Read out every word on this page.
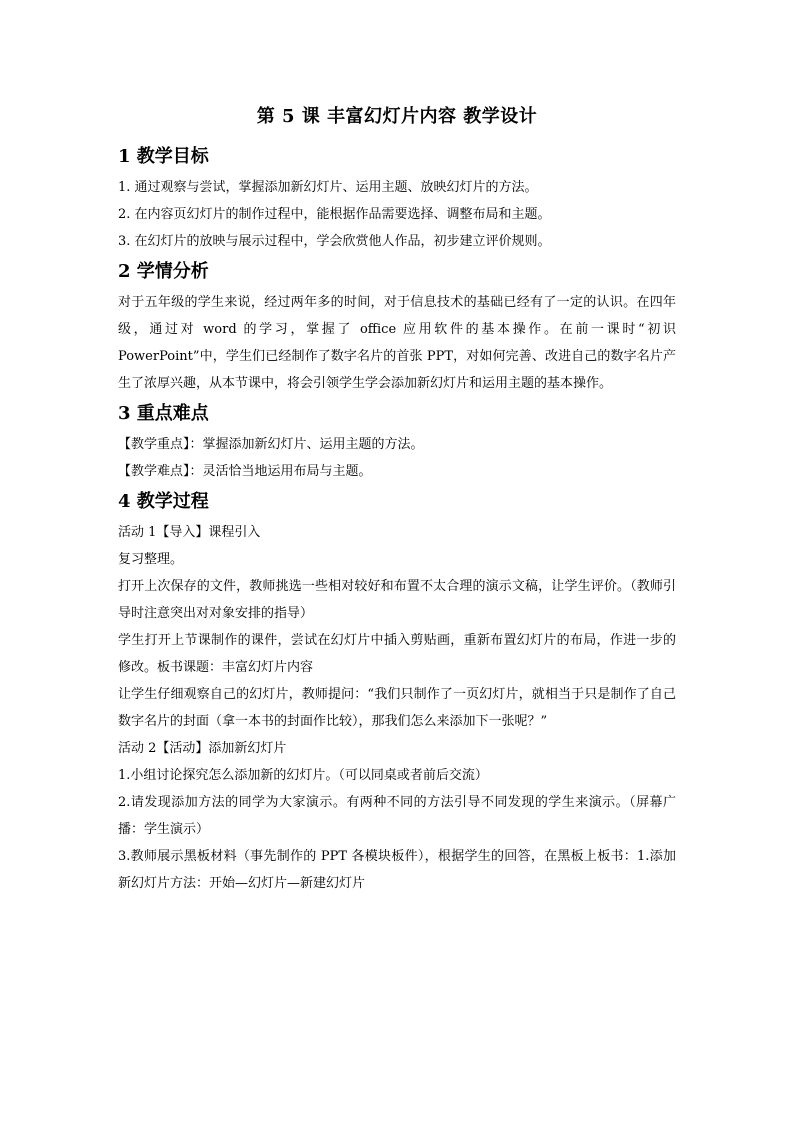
第 5 课 丰富幻灯片内容 教学设计
1 教学目标

1. 通过观察与尝试，掌握添加新幻灯片、运用主题、放映幻灯片的方法。

2. 在内容页幻灯片的制作过程中，能根据作品需要选择、调整布局和主题。

3. 在幻灯片的放映与展示过程中，学会欣赏他人作品，初步建立评价规则。

2 学情分析

对于五年级的学生来说，经过两年多的时间，对于信息技术的基础已经有了一定的认识。在四年级，通过对 word 的学习，掌握了 office 应用软件的基本操作。在前一课时“初识PowerPoint”中，学生们已经制作了数字名片的首张 PPT，对如何完善、改进自己的数字名片产生了浓厚兴趣，从本节课中，将会引领学生学会添加新幻灯片和运用主题的基本操作。

3 重点难点

【教学重点】：掌握添加新幻灯片、运用主题的方法。

【教学难点】：灵活恰当地运用布局与主题。

4 教学过程

活动 1【导入】课程引入

复习整理。

打开上次保存的文件，教师挑选一些相对较好和布置不太合理的演示文稿，让学生评价。（教师引导时注意突出对对象安排的指导）

学生打开上节课制作的课件，尝试在幻灯片中插入剪贴画，重新布置幻灯片的布局，作进一步的修改。板书课题：丰富幻灯片内容

让学生仔细观察自己的幻灯片，教师提问：“我们只制作了一页幻灯片，就相当于只是制作了自己数字名片的封面（拿一本书的封面作比较），那我们怎么来添加下一张呢？”

活动 2【活动】添加新幻灯片

1.小组讨论探究怎么添加新的幻灯片。（可以同桌或者前后交流）

2.请发现添加方法的同学为大家演示。有两种不同的方法引导不同发现的学生来演示。（屏幕广播：学生演示）

3.教师展示黑板材料（事先制作的 PPT 各模块板件），根据学生的回答，在黑板上板书：1.添加新幻灯片方法：开始—幻灯片—新建幻灯片
